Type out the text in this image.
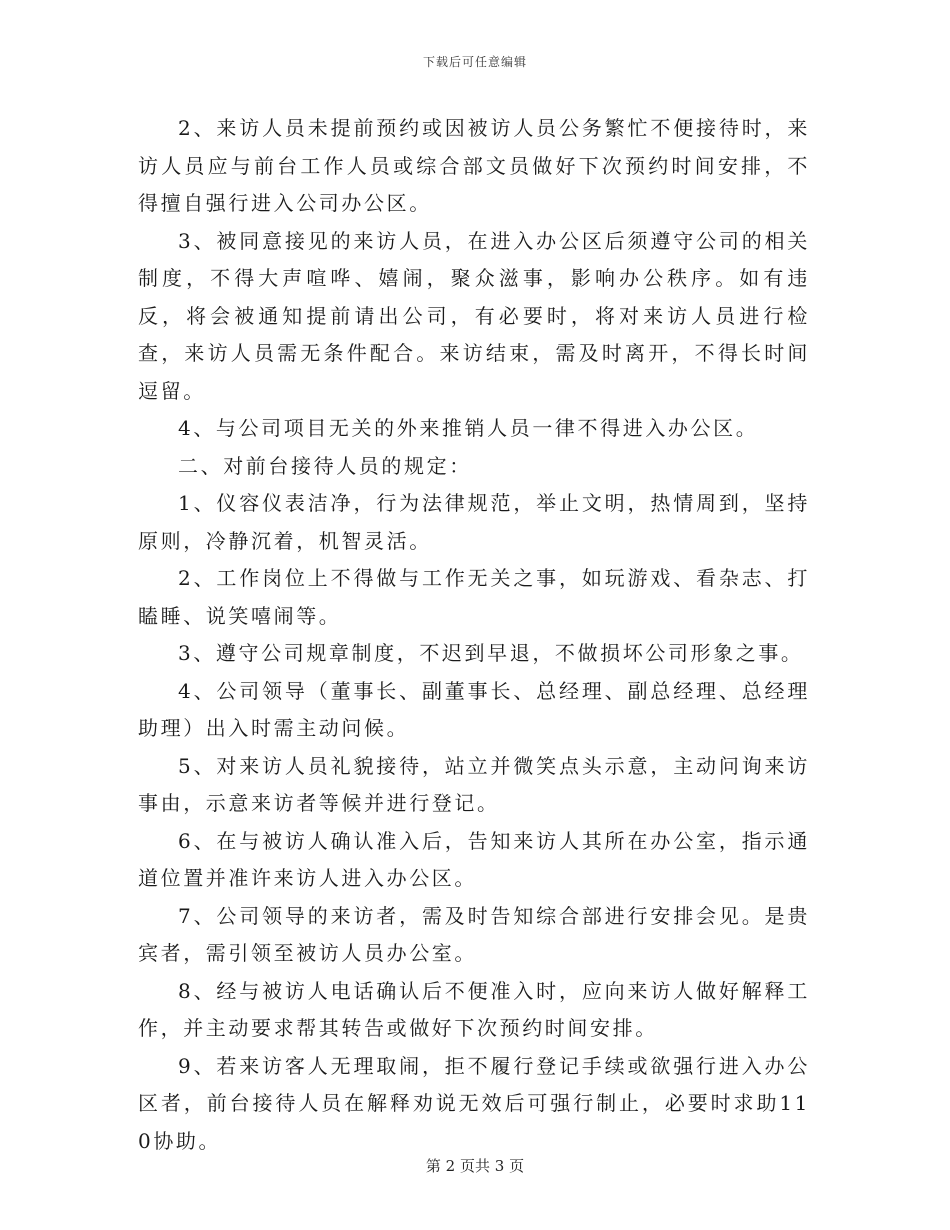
下载后可任意编辑

2、来访人员未提前预约或因被访人员公务繁忙不便接待时，来访人员应与前台工作人员或综合部文员做好下次预约时间安排，不得擅自强行进入公司办公区。

3、被同意接见的来访人员，在进入办公区后须遵守公司的相关制度，不得大声喧哗、嬉闹，聚众滋事，影响办公秩序。如有违反，将会被通知提前请出公司，有必要时，将对来访人员进行检查，来访人员需无条件配合。来访结束，需及时离开，不得长时间逗留。

4、与公司项目无关的外来推销人员一律不得进入办公区。

二、对前台接待人员的规定：

1、仪容仪表洁净，行为法律规范，举止文明，热情周到，坚持原则，冷静沉着，机智灵活。

2、工作岗位上不得做与工作无关之事，如玩游戏、看杂志、打瞌睡、说笑嘻闹等。

3、遵守公司规章制度，不迟到早退，不做损坏公司形象之事。

4、公司领导（董事长、副董事长、总经理、副总经理、总经理助理）出入时需主动问候。

5、对来访人员礼貌接待，站立并微笑点头示意，主动问询来访事由，示意来访者等候并进行登记。

6、在与被访人确认准入后，告知来访人其所在办公室，指示通道位置并准许来访人进入办公区。

7、公司领导的来访者，需及时告知综合部进行安排会见。是贵宾者，需引领至被访人员办公室。

8、经与被访人电话确认后不便准入时，应向来访人做好解释工作，并主动要求帮其转告或做好下次预约时间安排。

9、若来访客人无理取闹，拒不履行登记手续或欲强行进入办公区者，前台接待人员在解释劝说无效后可强行制止，必要时求助110协助。

第 2 页共 3 页
